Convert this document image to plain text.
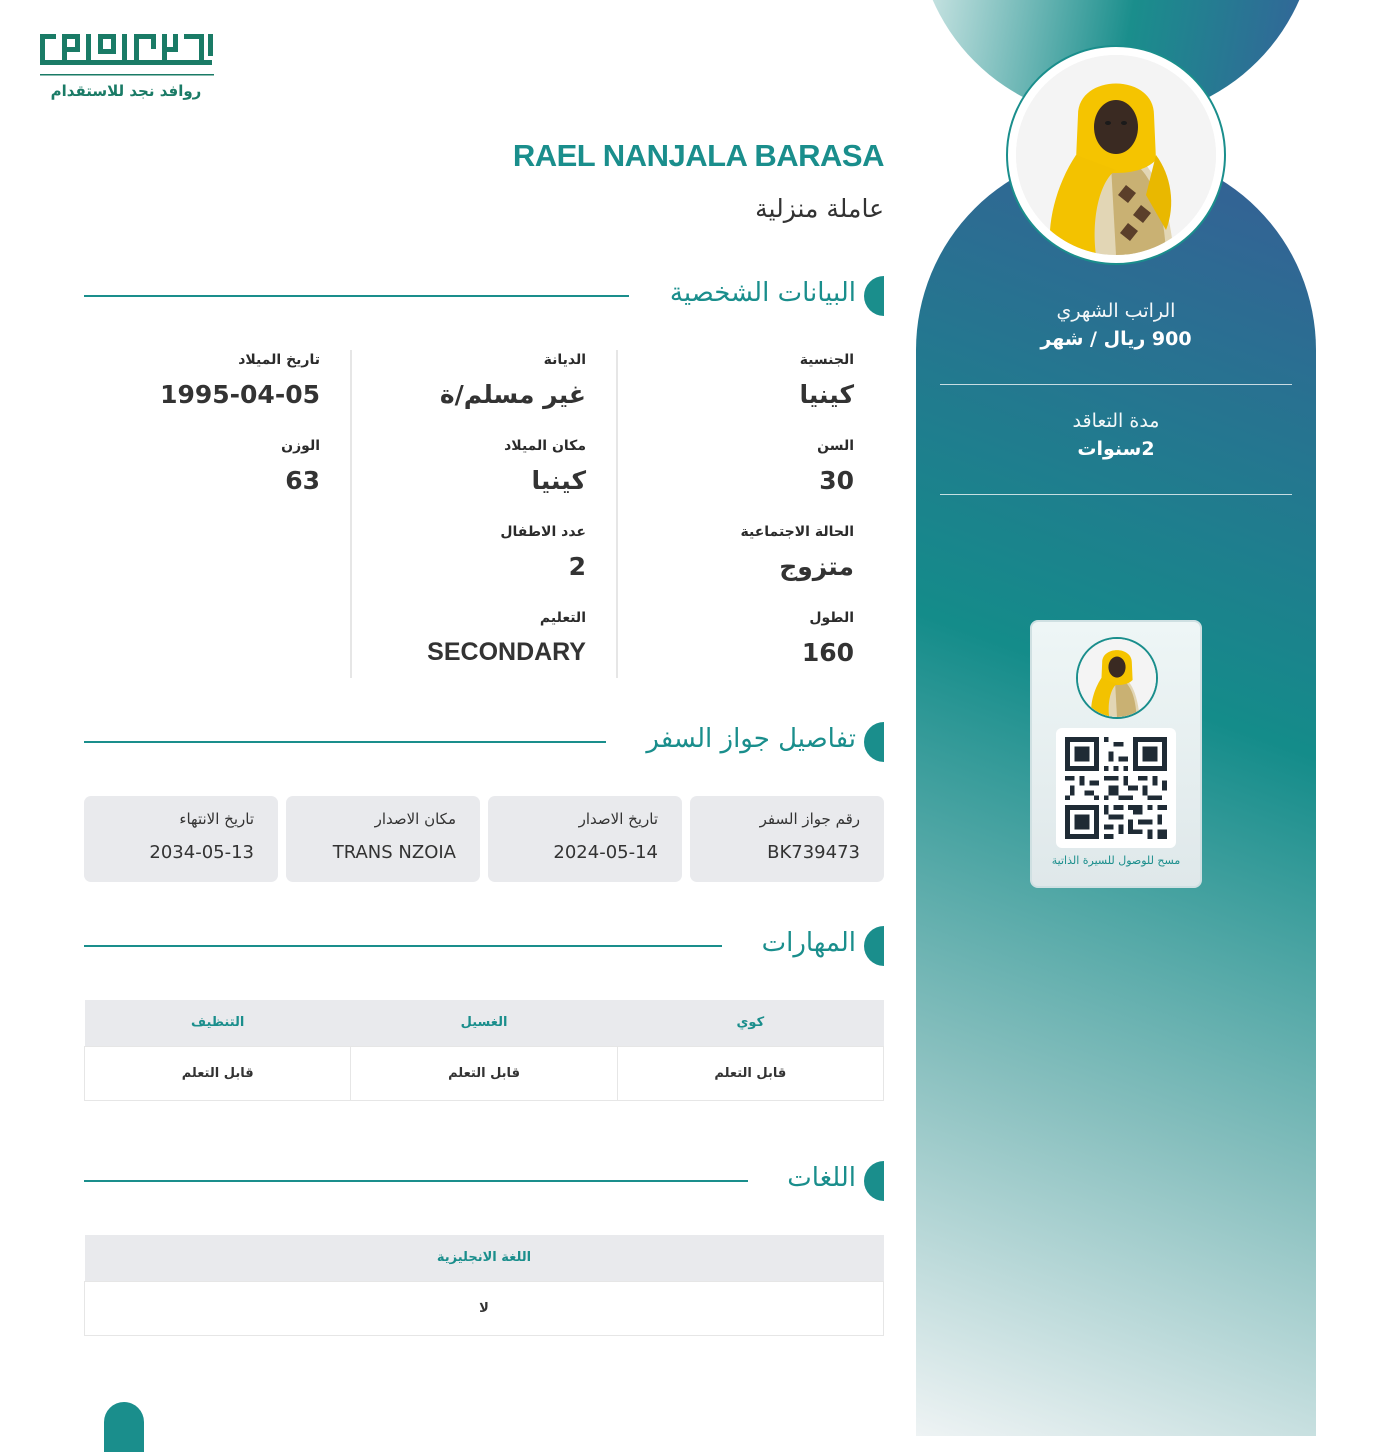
الراتب الشهري
900 ريال / شهر
مدة التعاقد
2سنوات
مسح للوصول للسيرة الذاتية
روافد نجد للاستقدام
RAEL NANJALA BARASA
عاملة منزلية
البيانات الشخصية
الجنسية
كينيا
السن
30
الحالة الاجتماعية
متزوج
الطول
160
الديانة
غير مسلم/ة
مكان الميلاد
كينيا
عدد الاطفال
2
التعليم
SECONDARY
تاريخ الميلاد
1995-04-05
الوزن
63
تفاصيل جواز السفر
رقم جواز السفر
BK739473
تاريخ الاصدار
2024-05-14
مكان الاصدار
TRANS NZOIA
تاريخ الانتهاء
2034-05-13
المهارات
كوي	الغسيل	التنظيف
قابل التعلم	قابل التعلم	قابل التعلم
اللغات
اللغة الانجليزية
لا
